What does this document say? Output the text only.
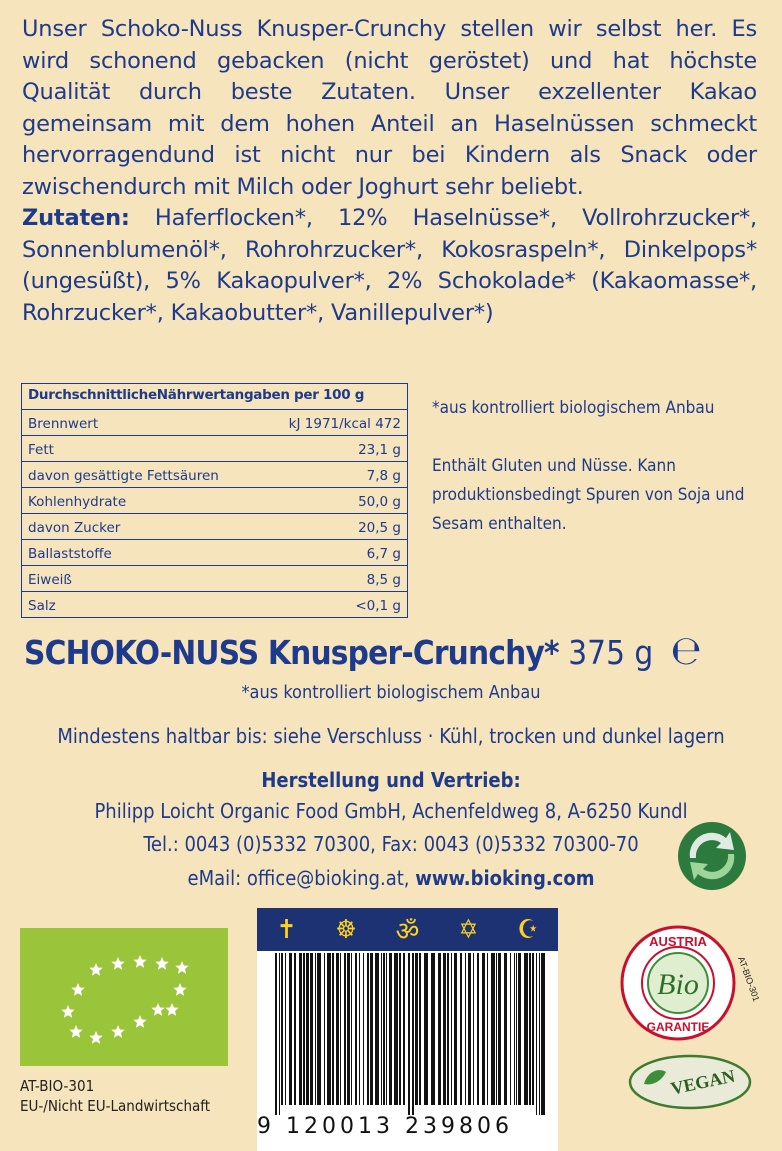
Unser Schoko-Nuss Knusper-Crunchy stellen wir selbst her. Es wird schonend gebacken (nicht geröstet) und hat höchste Qualität durch beste Zutaten. Unser exzellenter Kakao gemeinsam mit dem hohen Anteil an Haselnüssen schmeckt hervorragendund ist nicht nur bei Kindern als Snack oder zwischendurch mit Milch oder Joghurt sehr beliebt.
Zutaten: Haferflocken*, 12% Haselnüsse*, Vollrohrzucker*, Sonnenblumenöl*, Rohrohrzucker*, Kokosraspeln*, Dinkelpops* (ungesüßt), 5% Kakaopulver*, 2% Schokolade* (Kakaomasse*, Rohrzucker*, Kakaobutter*, Vanillepulver*)
DurchschnittlicheNährwertangaben per 100 g
Brennwert	kJ 1971/kcal 472
Fett	23,1 g
davon gesättigte Fettsäuren	7,8 g
Kohlenhydrate	50,0 g
davon Zucker	20,5 g
Ballaststoffe	6,7 g
Eiweiß	8,5 g
Salz	<0,1 g
*aus kontrolliert biologischem Anbau
Enthält Gluten und Nüsse. Kann produktionsbedingt Spuren von Soja und Sesam enthalten.
SCHOKO-NUSS Knusper-Crunchy* 375 g ℮
*aus kontrolliert biologischem Anbau
Mindestens haltbar bis: siehe Verschluss · Kühl, trocken und dunkel lagern
Herstellung und Vertrieb:
Philipp Loicht Organic Food GmbH, Achenfeldweg 8, A-6250 Kundl
Tel.: 0043 (0)5332 70300, Fax: 0043 (0)5332 70300-70
eMail: office@bioking.at, www.bioking.com
AT-BIO-301
EU-/Nicht EU-Landwirtschaft
✝ ☸ ॐ ✡ ☪
9 120013 239806
Bio
AUSTRIA
GARANTIE
AT-BIO-301
VEGAN
